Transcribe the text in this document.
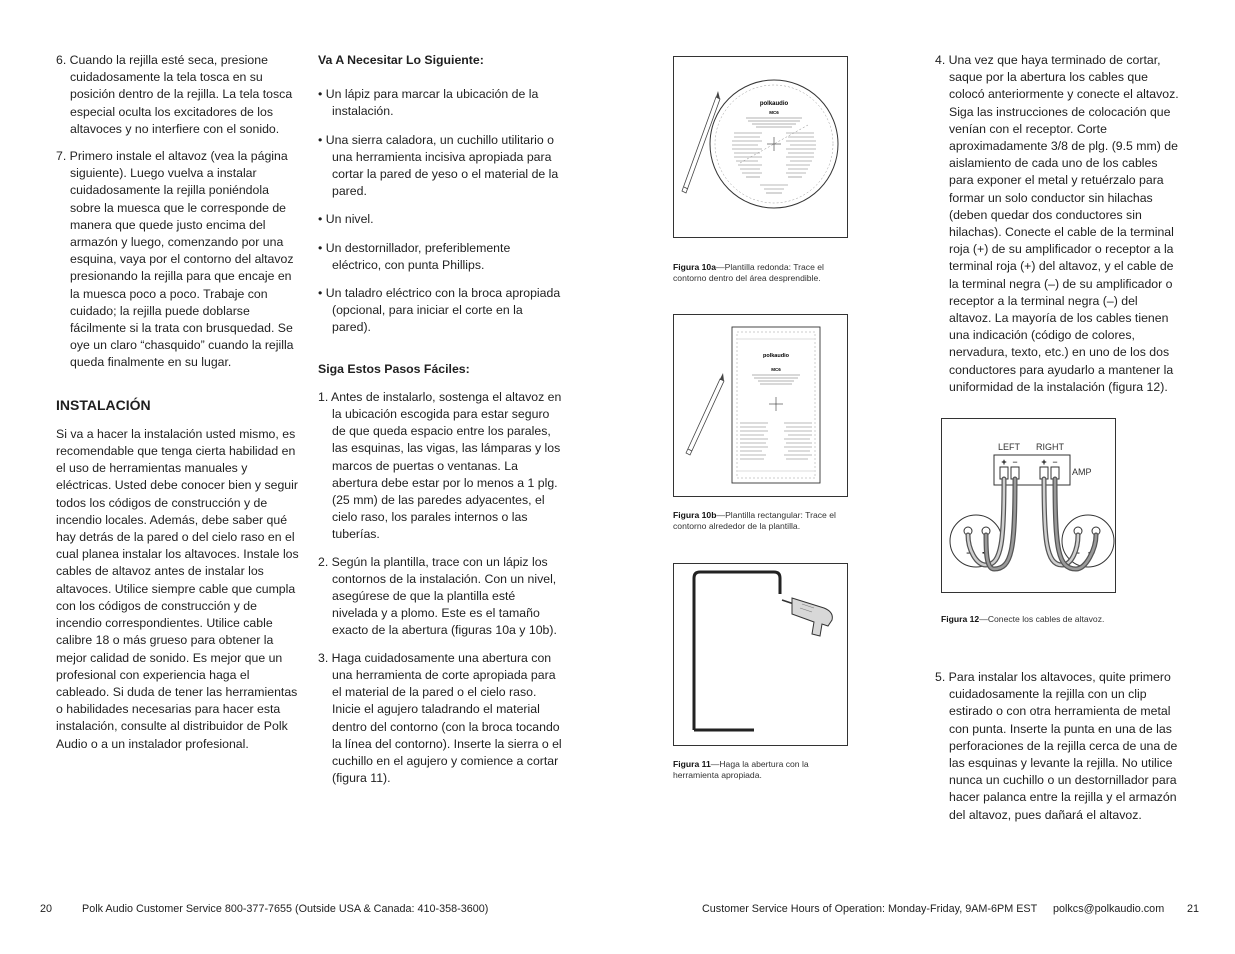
6. Cuando la rejilla esté seca, presione cuidadosamente la tela tosca en su posición dentro de la rejilla. La tela tosca especial oculta los excitadores de los altavoces y no interfiere con el sonido.

7. Primero instale el altavoz (vea la página siguiente). Luego vuelva a instalar cuidadosamente la rejilla poniéndola sobre la muesca que le corresponde de manera que quede justo encima del armazón y luego, comenzando por una esquina, vaya por el contorno del altavoz presionando la rejilla para que encaje en la muesca poco a poco. Trabaje con cuidado; la rejilla puede doblarse fácilmente si la trata con brusquedad. Se oye un claro “chasquido” cuando la rejilla queda finalmente en su lugar.

INSTALACIÓN

Si va a hacer la instalación usted mismo, es recomendable que tenga cierta habilidad en el uso de herramientas manuales y eléctricas. Usted debe conocer bien y seguir todos los códigos de construcción y de incendio locales. Además, debe saber qué hay detrás de la pared o del cielo raso en el cual planea instalar los altavoces. Instale los cables de altavoz antes de instalar los altavoces. Utilice siempre cable que cumpla con los códigos de construcción y de incendio correspondientes. Utilice cable calibre 18 o más grueso para obtener la mejor calidad de sonido. Es mejor que un profesional con experiencia haga el cableado. Si duda de tener las herramientas o habilidades necesarias para hacer esta instalación, consulte al distribuidor de Polk Audio o a un instalador profesional.

Va A Necesitar Lo Siguiente:

• Un lápiz para marcar la ubicación de la instalación.

• Una sierra caladora, un cuchillo utilitario o una herramienta incisiva apropiada para cortar la pared de yeso o el material de la pared.

• Un nivel.

• Un destornillador, preferiblemente eléctrico, con punta Phillips.

• Un taladro eléctrico con la broca apropiada (opcional, para iniciar el corte en la pared).

Siga Estos Pasos Fáciles:

1. Antes de instalarlo, sostenga el altavoz en la ubicación escogida para estar seguro de que queda espacio entre los parales, las esquinas, las vigas, las lámparas y los marcos de puertas o ventanas. La abertura debe estar por lo menos a 1 plg. (25 mm) de las paredes adyacentes, el cielo raso, los parales internos o las tuberías.

2. Según la plantilla, trace con un lápiz los contornos de la instalación. Con un nivel, asegúrese de que la plantilla esté nivelada y a plomo. Este es el tamaño exacto de la abertura (figuras 10a y 10b).

3. Haga cuidadosamente una abertura con una herramienta de corte apropiada para el material de la pared o el cielo raso. Inicie el agujero taladrando el material dentro del contorno (con la broca tocando la línea del contorno). Inserte la sierra o el cuchillo en el agujero y comience a cortar (figura 11).

polkaudio
MC6
Figura 10a—Plantilla redonda: Trace el contorno dentro del área desprendible.
polkaudio
MC6
Figura 10b—Plantilla rectangular: Trace el contorno alrededor de la plantilla.
Figura 11—Haga la abertura con la herramienta apropiada.

4. Una vez que haya terminado de cortar, saque por la abertura los cables que colocó anteriormente y conecte el altavoz. Siga las instrucciones de colocación que venían con el receptor. Corte aproximadamente 3/8 de plg. (9.5 mm) de aislamiento de cada uno de los cables para exponer el metal y retuérzalo para formar un solo conductor sin hilachas (deben quedar dos conductores sin hilachas). Conecte el cable de la terminal roja (+) de su amplificador o receptor a la terminal roja (+) del altavoz, y el cable de la terminal negra (–) de su amplificador o receptor a la terminal negra (–) del altavoz. La mayoría de los cables tienen una indicación (código de colores, nervadura, texto, etc.) en uno de los dos conductores para ayudarlo a mantener la uniformidad de la instalación (figura 12).

LEFT RIGHT
AMP
+ −	+ −
− +	− +
Figura 12—Conecte los cables de altavoz.

5. Para instalar los altavoces, quite primero cuidadosamente la rejilla con un clip estirado o con otra herramienta de metal con punta. Inserte la punta en una de las perforaciones de la rejilla cerca de una de las esquinas y levante la rejilla. No utilice nunca un cuchillo o un destornillador para hacer palanca entre la rejilla y el armazón del altavoz, pues dañará el altavoz.

20	Polk Audio Customer Service 800-377-7655 (Outside USA & Canada: 410-358-3600)	Customer Service Hours of Operation: Monday-Friday, 9AM-6PM EST polkcs@polkaudio.com 21
